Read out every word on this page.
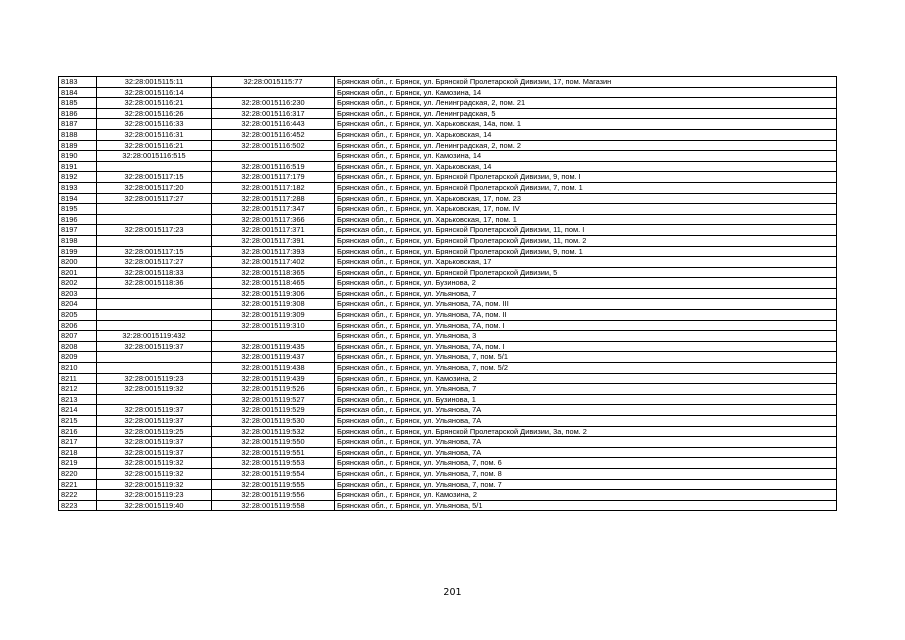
8183	32:28:0015115:11	32:28:0015115:77	Брянская обл., г. Брянск, ул. Брянской Пролетарской Дивизии, 17, пом. Магазин
8184	32:28:0015116:14		Брянская обл., г. Брянск, ул. Камозина, 14
8185	32:28:0015116:21	32:28:0015116:230	Брянская обл., г. Брянск, ул. Ленинградская, 2, пом. 21
8186	32:28:0015116:26	32:28:0015116:317	Брянская обл., г. Брянск, ул. Ленинградская, 5
8187	32:28:0015116:33	32:28:0015116:443	Брянская обл., г. Брянск, ул. Харьковская, 14а, пом. 1
8188	32:28:0015116:31	32:28:0015116:452	Брянская обл., г. Брянск, ул. Харьковская, 14
8189	32:28:0015116:21	32:28:0015116:502	Брянская обл., г. Брянск, ул. Ленинградская, 2, пом. 2
8190	32:28:0015116:515		Брянская обл., г. Брянск, ул. Камозина, 14
8191		32:28:0015116:519	Брянская обл., г. Брянск, ул. Харьковская, 14
8192	32:28:0015117:15	32:28:0015117:179	Брянская обл., г. Брянск, ул. Брянской Пролетарской Дивизии, 9, пом. I
8193	32:28:0015117:20	32:28:0015117:182	Брянская обл., г. Брянск, ул. Брянской Пролетарской Дивизии, 7, пом. 1
8194	32:28:0015117:27	32:28:0015117:288	Брянская обл., г. Брянск, ул. Харьковская, 17, пом. 23
8195		32:28:0015117:347	Брянская обл., г. Брянск, ул. Харьковская, 17, пом. IV
8196		32:28:0015117:366	Брянская обл., г. Брянск, ул. Харьковская, 17, пом. 1
8197	32:28:0015117:23	32:28:0015117:371	Брянская обл., г. Брянск, ул. Брянской Пролетарской Дивизии, 11, пом. I
8198		32:28:0015117:391	Брянская обл., г. Брянск, ул. Брянской Пролетарской Дивизии, 11, пом. 2
8199	32:28:0015117:15	32:28:0015117:393	Брянская обл., г. Брянск, ул. Брянской Пролетарской Дивизии, 9, пом. 1
8200	32:28:0015117:27	32:28:0015117:402	Брянская обл., г. Брянск, ул. Харьковская, 17
8201	32:28:0015118:33	32:28:0015118:365	Брянская обл., г. Брянск, ул. Брянской Пролетарской Дивизии, 5
8202	32:28:0015118:36	32:28:0015118:465	Брянская обл., г. Брянск, ул. Бузинова, 2
8203		32:28:0015119:306	Брянская обл., г. Брянск, ул. Ульянова, 7
8204		32:28:0015119:308	Брянская обл., г. Брянск, ул. Ульянова, 7А, пом. III
8205		32:28:0015119:309	Брянская обл., г. Брянск, ул. Ульянова, 7А, пом. II
8206		32:28:0015119:310	Брянская обл., г. Брянск, ул. Ульянова, 7А, пом. I
8207	32:28:0015119:432		Брянская обл., г. Брянск, ул. Ульянова, 3
8208	32:28:0015119:37	32:28:0015119:435	Брянская обл., г. Брянск, ул. Ульянова, 7А, пом. I
8209		32:28:0015119:437	Брянская обл., г. Брянск, ул. Ульянова, 7, пом. 5/1
8210		32:28:0015119:438	Брянская обл., г. Брянск, ул. Ульянова, 7, пом. 5/2
8211	32:28:0015119:23	32:28:0015119:439	Брянская обл., г. Брянск, ул. Камозина, 2
8212	32:28:0015119:32	32:28:0015119:526	Брянская обл., г. Брянск, ул. Ульянова, 7
8213		32:28:0015119:527	Брянская обл., г. Брянск, ул. Бузинова, 1
8214	32:28:0015119:37	32:28:0015119:529	Брянская обл., г. Брянск, ул. Ульянова, 7А
8215	32:28:0015119:37	32:28:0015119:530	Брянская обл., г. Брянск, ул. Ульянова, 7А
8216	32:28:0015119:25	32:28:0015119:532	Брянская обл., г. Брянск, ул. Брянской Пролетарской Дивизии, 3а, пом. 2
8217	32:28:0015119:37	32:28:0015119:550	Брянская обл., г. Брянск, ул. Ульянова, 7А
8218	32:28:0015119:37	32:28:0015119:551	Брянская обл., г. Брянск, ул. Ульянова, 7А
8219	32:28:0015119:32	32:28:0015119:553	Брянская обл., г. Брянск, ул. Ульянова, 7, пом. 6
8220	32:28:0015119:32	32:28:0015119:554	Брянская обл., г. Брянск, ул. Ульянова, 7, пом. 8
8221	32:28:0015119:32	32:28:0015119:555	Брянская обл., г. Брянск, ул. Ульянова, 7, пом. 7
8222	32:28:0015119:23	32:28:0015119:556	Брянская обл., г. Брянск, ул. Камозина, 2
8223	32:28:0015119:40	32:28:0015119:558	Брянская обл., г. Брянск, ул. Ульянова, 5/1
201
